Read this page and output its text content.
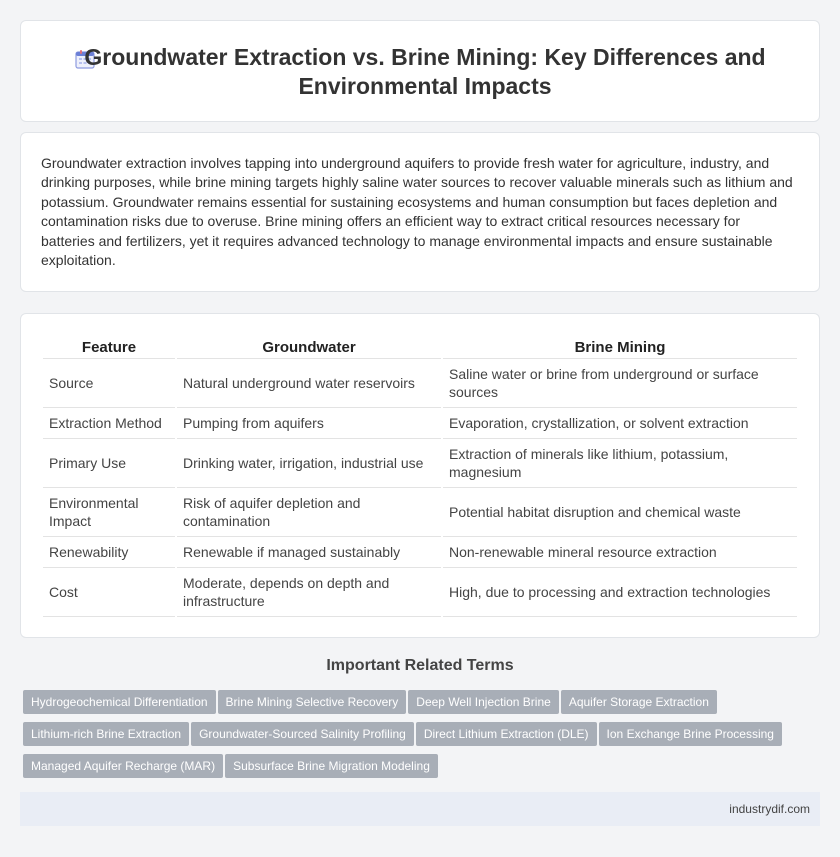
Groundwater Extraction vs. Brine Mining: Key Differences and Environmental Impacts

Groundwater extraction involves tapping into underground aquifers to provide fresh water for agriculture, industry, and drinking purposes, while brine mining targets highly saline water sources to recover valuable minerals such as lithium and potassium. Groundwater remains essential for sustaining ecosystems and human consumption but faces depletion and contamination risks due to overuse. Brine mining offers an efficient way to extract critical resources necessary for batteries and fertilizers, yet it requires advanced technology to manage environmental impacts and ensure sustainable exploitation.

Feature	Groundwater	Brine Mining
Source	Natural underground water reservoirs	Saline water or brine from underground or surface sources
Extraction Method	Pumping from aquifers	Evaporation, crystallization, or solvent extraction
Primary Use	Drinking water, irrigation, industrial use	Extraction of minerals like lithium, potassium, magnesium
Environmental Impact	Risk of aquifer depletion and contamination	Potential habitat disruption and chemical waste
Renewability	Renewable if managed sustainably	Non-renewable mineral resource extraction
Cost	Moderate, depends on depth and infrastructure	High, due to processing and extraction technologies
Important Related Terms
Hydrogeochemical Differentiation Brine Mining Selective Recovery Deep Well Injection Brine Aquifer Storage ExtractionLithium-rich Brine Extraction Groundwater-Sourced Salinity Profiling Direct Lithium Extraction (DLE) Ion Exchange Brine ProcessingManaged Aquifer Recharge (MAR) Subsurface Brine Migration Modeling
industrydif.com
